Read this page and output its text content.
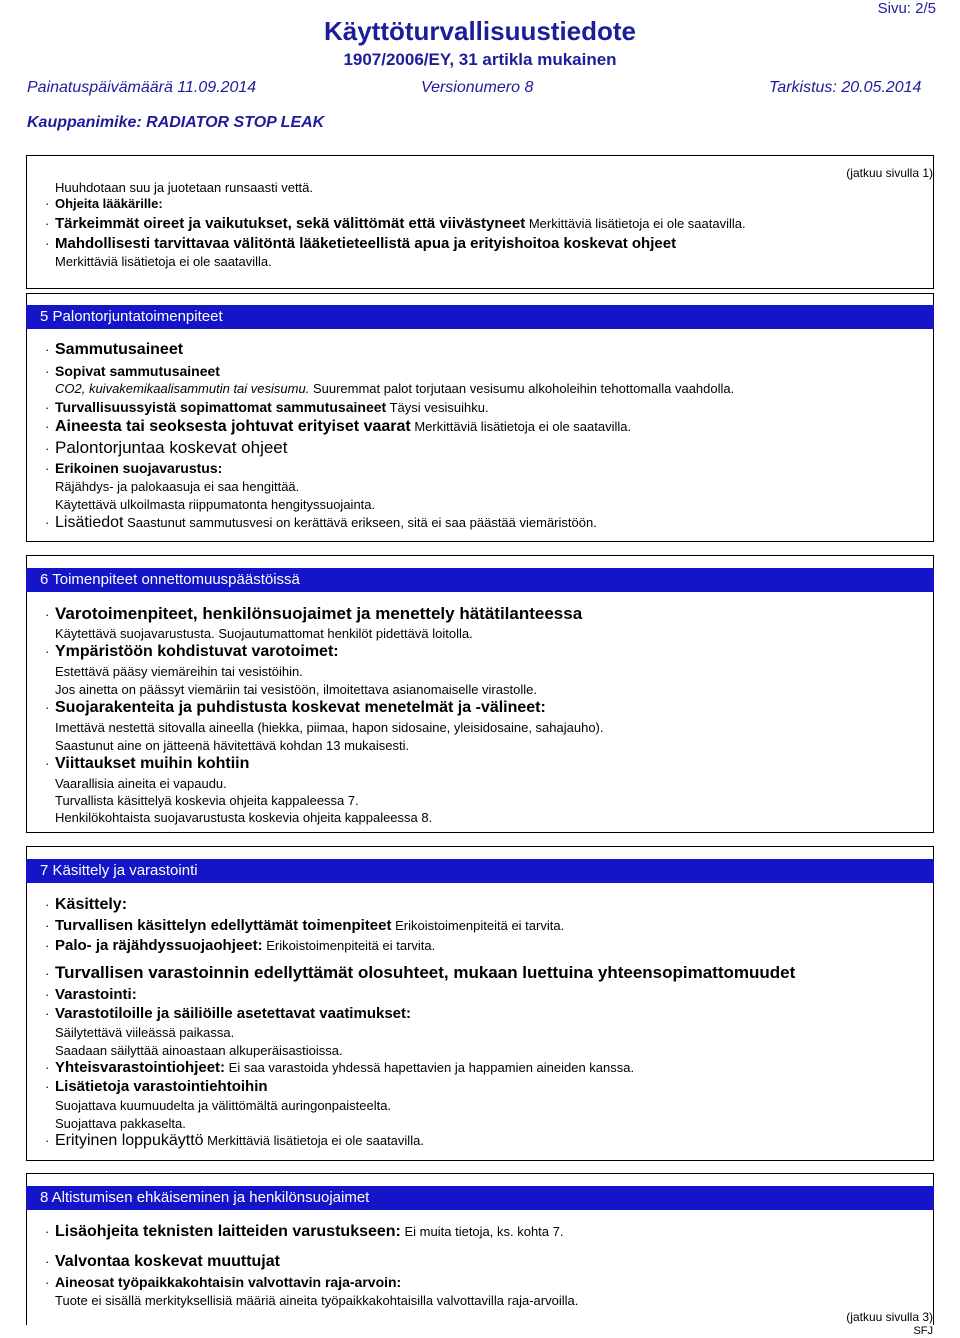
Sivu: 2/5
Käyttöturvallisuustiedote
1907/2006/EY, 31 artikla mukainen
Painatuspäivämäärä 11.09.2014	Versionumero 8	Tarkistus: 20.05.2014
Kauppanimike: RADIATOR STOP LEAK
(jatkuu sivulla 1)
Huuhdotaan suu ja juotetaan runsaasti vettä.
· Ohjeita lääkärille:
· Tärkeimmät oireet ja vaikutukset, sekä välittömät että viivästyneet Merkittäviä lisätietoja ei ole saatavilla.
· Mahdollisesti tarvittavaa välitöntä lääketieteellistä apua ja erityishoitoa koskevat ohjeet
Merkittäviä lisätietoja ei ole saatavilla.
5 Palontorjuntatoimenpiteet
· Sammutusaineet
· Sopivat sammutusaineet
CO2, kuivakemikaalisammutin tai vesisumu. Suuremmat palot torjutaan vesisumu alkoholeihin tehottomalla vaahdolla.
· Turvallisuussyistä sopimattomat sammutusaineet Täysi vesisuihku.
· Aineesta tai seoksesta johtuvat erityiset vaarat Merkittäviä lisätietoja ei ole saatavilla.
· Palontorjuntaa koskevat ohjeet
· Erikoinen suojavarustus:
Räjähdys- ja palokaasuja ei saa hengittää.
Käytettävä ulkoilmasta riippumatonta hengityssuojainta.
· Lisätiedot Saastunut sammutusvesi on kerättävä erikseen, sitä ei saa päästää viemäristöön.
6 Toimenpiteet onnettomuuspäästöissä
· Varotoimenpiteet, henkilönsuojaimet ja menettely hätätilanteessa
Käytettävä suojavarustusta. Suojautumattomat henkilöt pidettävä loitolla.
· Ympäristöön kohdistuvat varotoimet:
Estettävä pääsy viemäreihin tai vesistöihin.
Jos ainetta on päässyt viemäriin tai vesistöön, ilmoitettava asianomaiselle virastolle.
· Suojarakenteita ja puhdistusta koskevat menetelmät ja -välineet:
Imettävä nestettä sitovalla aineella (hiekka, piimaa, hapon sidosaine, yleisidosaine, sahajauho).
Saastunut aine on jätteenä hävitettävä kohdan 13 mukaisesti.
· Viittaukset muihin kohtiin
Vaarallisia aineita ei vapaudu.
Turvallista käsittelyä koskevia ohjeita kappaleessa 7.
Henkilökohtaista suojavarustusta koskevia ohjeita kappaleessa 8.
7 Käsittely ja varastointi
· Käsittely:
· Turvallisen käsittelyn edellyttämät toimenpiteet Erikoistoimenpiteitä ei tarvita.
· Palo- ja räjähdyssuojaohjeet: Erikoistoimenpiteitä ei tarvita.
· Turvallisen varastoinnin edellyttämät olosuhteet, mukaan luettuina yhteensopimattomuudet
· Varastointi:
· Varastotiloille ja säiliöille asetettavat vaatimukset:
Säilytettävä viileässä paikassa.
Saadaan säilyttää ainoastaan alkuperäisastioissa.
· Yhteisvarastointiohjeet: Ei saa varastoida yhdessä hapettavien ja happamien aineiden kanssa.
· Lisätietoja varastointiehtoihin
Suojattava kuumuudelta ja välittömältä auringonpaisteelta.
Suojattava pakkaselta.
· Erityinen loppukäyttö Merkittäviä lisätietoja ei ole saatavilla.
8 Altistumisen ehkäiseminen ja henkilönsuojaimet
· Lisäohjeita teknisten laitteiden varustukseen: Ei muita tietoja, ks. kohta 7.
· Valvontaa koskevat muuttujat
· Aineosat työpaikkakohtaisin valvottavin raja-arvoin:
Tuote ei sisällä merkityksellisiä määriä aineita työpaikkakohtaisilla valvottavilla raja-arvoilla.
(jatkuu sivulla 3)
SFJ
